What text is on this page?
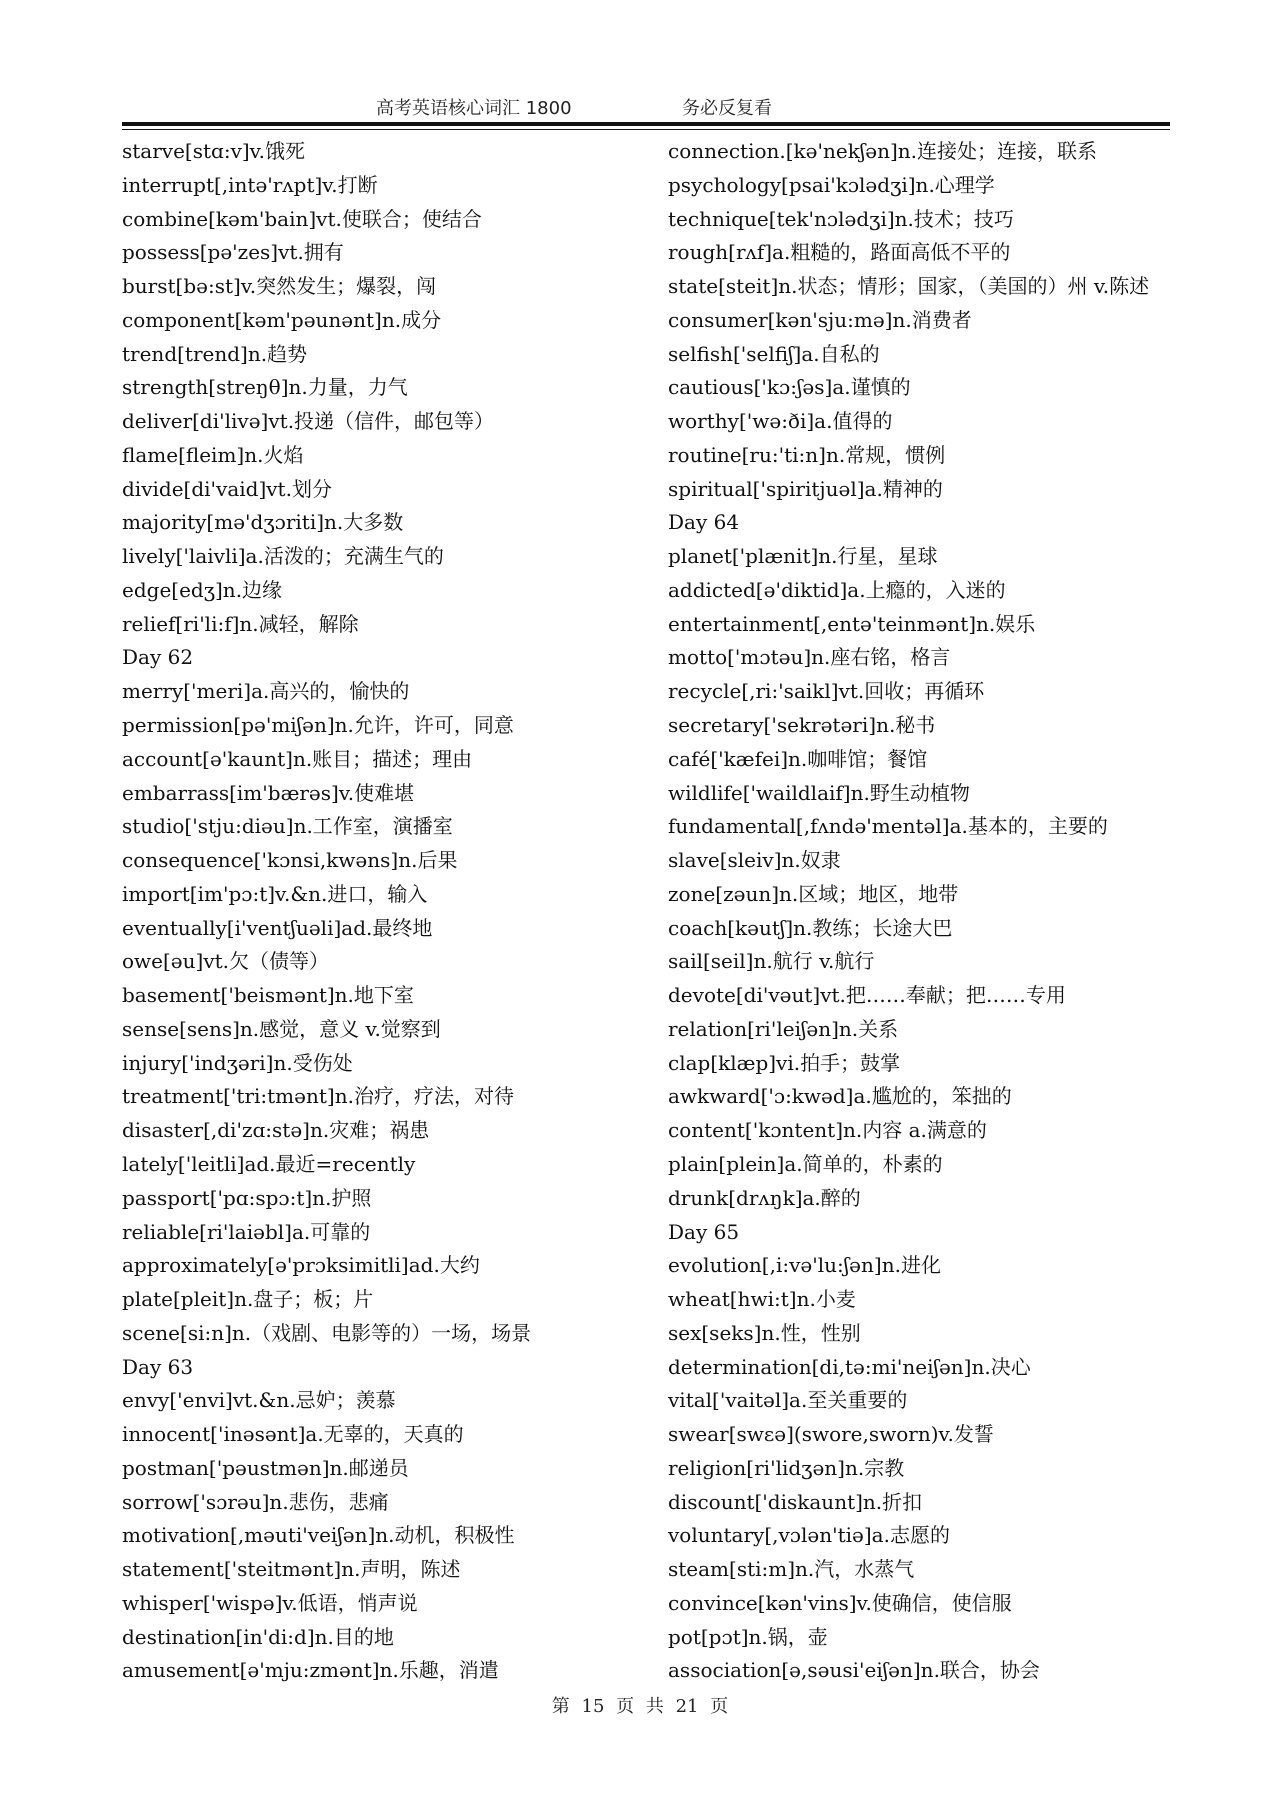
高考英语核心词汇 1800	务必反复看
starve[stɑ:v]v.饿死
interrupt[,intə'rʌpt]v.打断
combine[kəm'bain]vt.使联合；使结合
possess[pə'zes]vt.拥有
burst[bə:st]v.突然发生；爆裂，闯
component[kəm'pəunənt]n.成分
trend[trend]n.趋势
strength[streŋθ]n.力量，力气
deliver[di'livə]vt.投递（信件，邮包等）
flame[fleim]n.火焰
divide[di'vaid]vt.划分
majority[mə'dʒɔriti]n.大多数
lively['laivli]a.活泼的；充满生气的
edge[edʒ]n.边缘
relief[ri'li:f]n.减轻，解除
Day 62
merry['meri]a.高兴的，愉快的
permission[pə'miʃən]n.允许，许可，同意
account[ə'kaunt]n.账目；描述；理由
embarrass[im'bærəs]v.使难堪
studio['stju:diəu]n.工作室，演播室
consequence['kɔnsi,kwəns]n.后果
import[im'pɔ:t]v.&n.进口，输入
eventually[i'ventʃuəli]ad.最终地
owe[əu]vt.欠（债等）
basement['beismənt]n.地下室
sense[sens]n.感觉，意义 v.觉察到
injury['indʒəri]n.受伤处
treatment['tri:tmənt]n.治疗，疗法，对待
disaster[,di'zɑ:stə]n.灾难；祸患
lately['leitli]ad.最近=recently
passport['pɑ:spɔ:t]n.护照
reliable[ri'laiəbl]a.可靠的
approximately[ə'prɔksimitli]ad.大约
plate[pleit]n.盘子；板；片
scene[si:n]n.（戏剧、电影等的）一场，场景
Day 63
envy['envi]vt.&n.忌妒；羡慕
innocent['inəsənt]a.无辜的，天真的
postman['pəustmən]n.邮递员
sorrow['sɔrəu]n.悲伤，悲痛
motivation[,məuti'veiʃən]n.动机，积极性
statement['steitmənt]n.声明，陈述
whisper['wispə]v.低语，悄声说
destination[in'di:d]n.目的地
amusement[ə'mju:zmənt]n.乐趣，消遣
connection.[kə'nekʃən]n.连接处；连接，联系
psychology[psai'kɔlədʒi]n.心理学
technique[tek'nɔlədʒi]n.技术；技巧
rough[rʌf]a.粗糙的，路面高低不平的
state[steit]n.状态；情形；国家，（美国的）州 v.陈述
consumer[kən'sju:mə]n.消费者
selfish['selfiʃ]a.自私的
cautious['kɔ:ʃəs]a.谨慎的
worthy['wə:ði]a.值得的
routine[ru:'ti:n]n.常规，惯例
spiritual['spiritjuəl]a.精神的
Day 64
planet['plænit]n.行星，星球
addicted[ə'diktid]a.上瘾的，入迷的
entertainment[,entə'teinmənt]n.娱乐
motto['mɔtəu]n.座右铭，格言
recycle[,ri:'saikl]vt.回收；再循环
secretary['sekrətəri]n.秘书
café['kæfei]n.咖啡馆；餐馆
wildlife['waildlaif]n.野生动植物
fundamental[,fʌndə'mentəl]a.基本的，主要的
slave[sleiv]n.奴隶
zone[zəun]n.区域；地区，地带
coach[kəutʃ]n.教练；长途大巴
sail[seil]n.航行 v.航行
devote[di'vəut]vt.把……奉献；把……专用
relation[ri'leiʃən]n.关系
clap[klæp]vi.拍手；鼓掌
awkward['ɔ:kwəd]a.尴尬的，笨拙的
content['kɔntent]n.内容 a.满意的
plain[plein]a.简单的，朴素的
drunk[drʌŋk]a.醉的
Day 65
evolution[,i:və'lu:ʃən]n.进化
wheat[hwi:t]n.小麦
sex[seks]n.性，性别
determination[di,tə:mi'neiʃən]n.决心
vital['vaitəl]a.至关重要的
swear[swɛə](swore,sworn)v.发誓
religion[ri'lidʒən]n.宗教
discount['diskaunt]n.折扣
voluntary[,vɔlən'tiə]a.志愿的
steam[sti:m]n.汽，水蒸气
convince[kən'vins]v.使确信，使信服
pot[pɔt]n.锅，壶
association[ə,səusi'eiʃən]n.联合，协会
第 15 页 共 21 页
